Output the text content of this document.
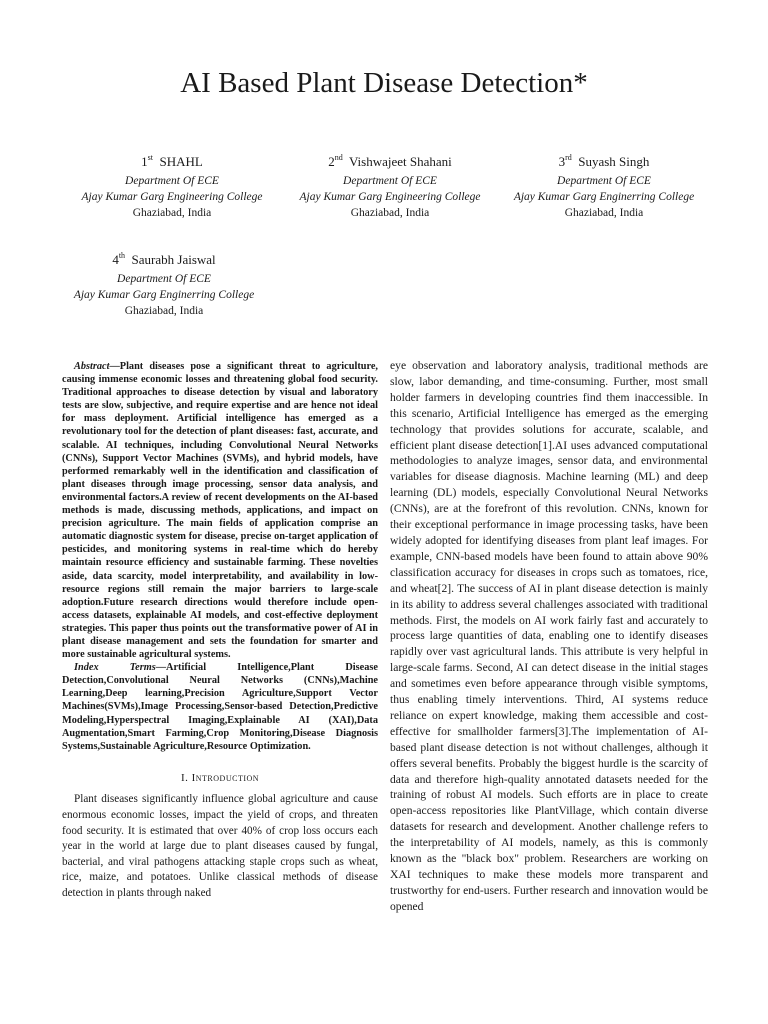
AI Based Plant Disease Detection*
1st SHAHL
Department Of ECE
Ajay Kumar Garg Engineering College
Ghaziabad, India
2nd Vishwajeet Shahani
Department Of ECE
Ajay Kumar Garg Engineering College
Ghaziabad, India
3rd Suyash Singh
Department Of ECE
Ajay Kumar Garg Enginerring College
Ghaziabad, India
4th Saurabh Jaiswal
Department Of ECE
Ajay Kumar Garg Enginerring College
Ghaziabad, India

Abstract—Plant diseases pose a significant threat to agriculture, causing immense economic losses and threatening global food security. Traditional approaches to disease detection by visual and laboratory tests are slow, subjective, and require expertise and are hence not ideal for mass deployment. Artificial intelligence has emerged as a revolutionary tool for the detection of plant diseases: fast, accurate, and scalable. AI techniques, including Convolutional Neural Networks (CNNs), Support Vector Machines (SVMs), and hybrid models, have performed remarkably well in the identification and classification of plant diseases through image processing, sensor data analysis, and environmental factors.A review of recent developments on the AI-based methods is made, discussing methods, applications, and impact on precision agriculture. The main fields of application comprise an automatic diagnostic system for disease, precise on-target application of pesticides, and monitoring systems in real-time which do hereby maintain resource efficiency and sustainable farming. These novelties aside, data scarcity, model interpretability, and availability in low-resource regions still remain the major barriers to large-scale adoption.Future research directions would therefore include open-access datasets, explainable AI models, and cost-effective deployment strategies. This paper thus points out the transformative power of AI in plant disease management and sets the foundation for smarter and more sustainable agricultural systems.

Index Terms—Artificial Intelligence,Plant Disease Detection,Convolutional Neural Networks (CNNs),Machine Learning,Deep learning,Precision Agriculture,Support Vector Machines(SVMs),Image Processing,Sensor-based Detection,Predictive Modeling,Hyperspectral Imaging,Explainable AI (XAI),Data Augmentation,Smart Farming,Crop Monitoring,Disease Diagnosis Systems,Sustainable Agriculture,Resource Optimization.

I. Introduction

Plant diseases significantly influence global agriculture and cause enormous economic losses, impact the yield of crops, and threaten food security. It is estimated that over 40% of crop loss occurs each year in the world at large due to plant diseases caused by fungal, bacterial, and viral pathogens attacking staple crops such as wheat, rice, maize, and potatoes. Unlike classical methods of disease detection in plants through naked

eye observation and laboratory analysis, traditional methods are slow, labor demanding, and time-consuming. Further, most small holder farmers in developing countries find them inaccessible. In this scenario, Artificial Intelligence has emerged as the emerging technology that provides solutions for accurate, scalable, and efficient plant disease detection[1].AI uses advanced computational methodologies to analyze images, sensor data, and environmental variables for disease diagnosis. Machine learning (ML) and deep learning (DL) models, especially Convolutional Neural Networks (CNNs), are at the forefront of this revolution. CNNs, known for their exceptional performance in image processing tasks, have been widely adopted for identifying diseases from plant leaf images. For example, CNN-based models have been found to attain above 90% classification accuracy for diseases in crops such as tomatoes, rice, and wheat[2]. The success of AI in plant disease detection is mainly in its ability to address several challenges associated with traditional methods. First, the models on AI work fairly fast and accurately to process large quantities of data, enabling one to identify diseases rapidly over vast agricultural lands. This attribute is very helpful in large-scale farms. Second, AI can detect disease in the initial stages and sometimes even before appearance through visible symptoms, thus enabling timely interventions. Third, AI systems reduce reliance on expert knowledge, making them accessible and cost-effective for smallholder farmers[3].The implementation of AI-based plant disease detection is not without challenges, although it offers several benefits. Probably the biggest hurdle is the scarcity of data and therefore high-quality annotated datasets needed for the training of robust AI models. Such efforts are in place to create open-access repositories like PlantVillage, which contain diverse datasets for research and development. Another challenge refers to the interpretability of AI models, namely, as this is commonly known as the "black box" problem. Researchers are working on XAI techniques to make these models more transparent and trustworthy for end-users. Further research and innovation would be opened
